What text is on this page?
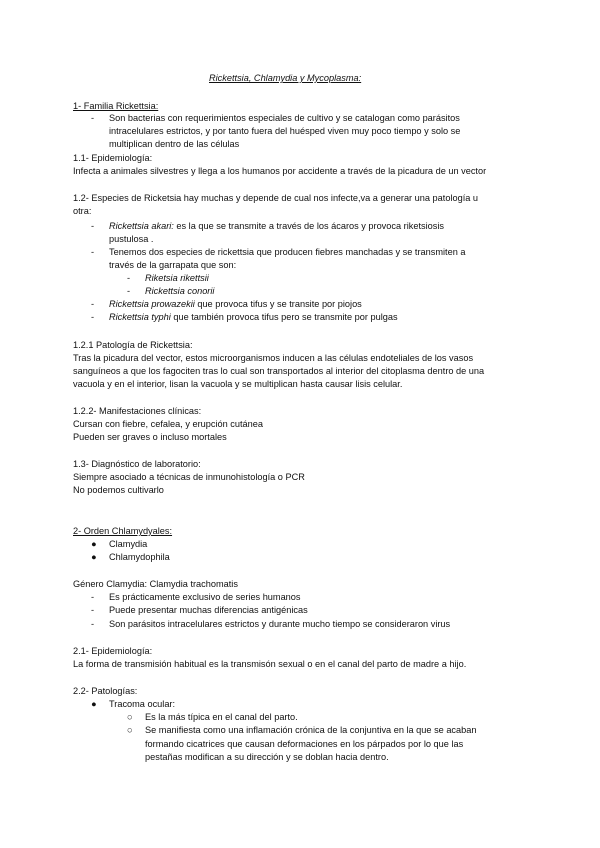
Rickettsia, Chlamydia y Mycoplasma:
1- Familia Rickettsia:
- Son bacterias con requerimientos especiales de cultivo y se catalogan como parásitos
intracelulares estrictos, y por tanto fuera del huésped viven muy poco tiempo y solo se
multiplican dentro de las células
1.1- Epidemiología:
Infecta a animales silvestres y llega a los humanos por accidente a través de la picadura de un vector
1.2- Especies de Ricketsia hay muchas y depende de cual nos infecte,va a generar una patología u
otra:
- Rickettsia akari: es la que se transmite a través de los ácaros y provoca riketsiosis
pustulosa .
- Tenemos dos especies de rickettsia que producen fiebres manchadas y se transmiten a
través de la garrapata que son:
- Riketsia rikettsii
- Rickettsia conorii
- Rickettsia prowazekii que provoca tifus y se transite por piojos
- Rickettsia typhi que también provoca tifus pero se transmite por pulgas
1.2.1 Patología de Rickettsia:
Tras la picadura del vector, estos microorganismos inducen a las células endoteliales de los vasos
sanguíneos a que los fagociten tras lo cual son transportados al interior del citoplasma dentro de una
vacuola y en el interior, lisan la vacuola y se multiplican hasta causar lisis celular.
1.2.2- Manifestaciones clínicas:
Cursan con fiebre, cefalea, y erupción cutánea
Pueden ser graves o incluso mortales
1.3- Diagnóstico de laboratorio:
Siempre asociado a técnicas de inmunohistología o PCR
No podemos cultivarlo
2- Orden Chlamydyales:
● Clamydia
● Chlamydophila
Género Clamydia: Clamydia trachomatis
- Es prácticamente exclusivo de series humanos
- Puede presentar muchas diferencias antigénicas
- Son parásitos intracelulares estrictos y durante mucho tiempo se consideraron virus
2.1- Epidemiología:
La forma de transmisión habitual es la transmisón sexual o en el canal del parto de madre a hijo.
2.2- Patologías:
● Tracoma ocular:
○ Es la más típica en el canal del parto.
○ Se manifiesta como una inflamación crónica de la conjuntiva en la que se acaban
formando cicatrices que causan deformaciones en los párpados por lo que las
pestañas modifican a su dirección y se doblan hacia dentro.
